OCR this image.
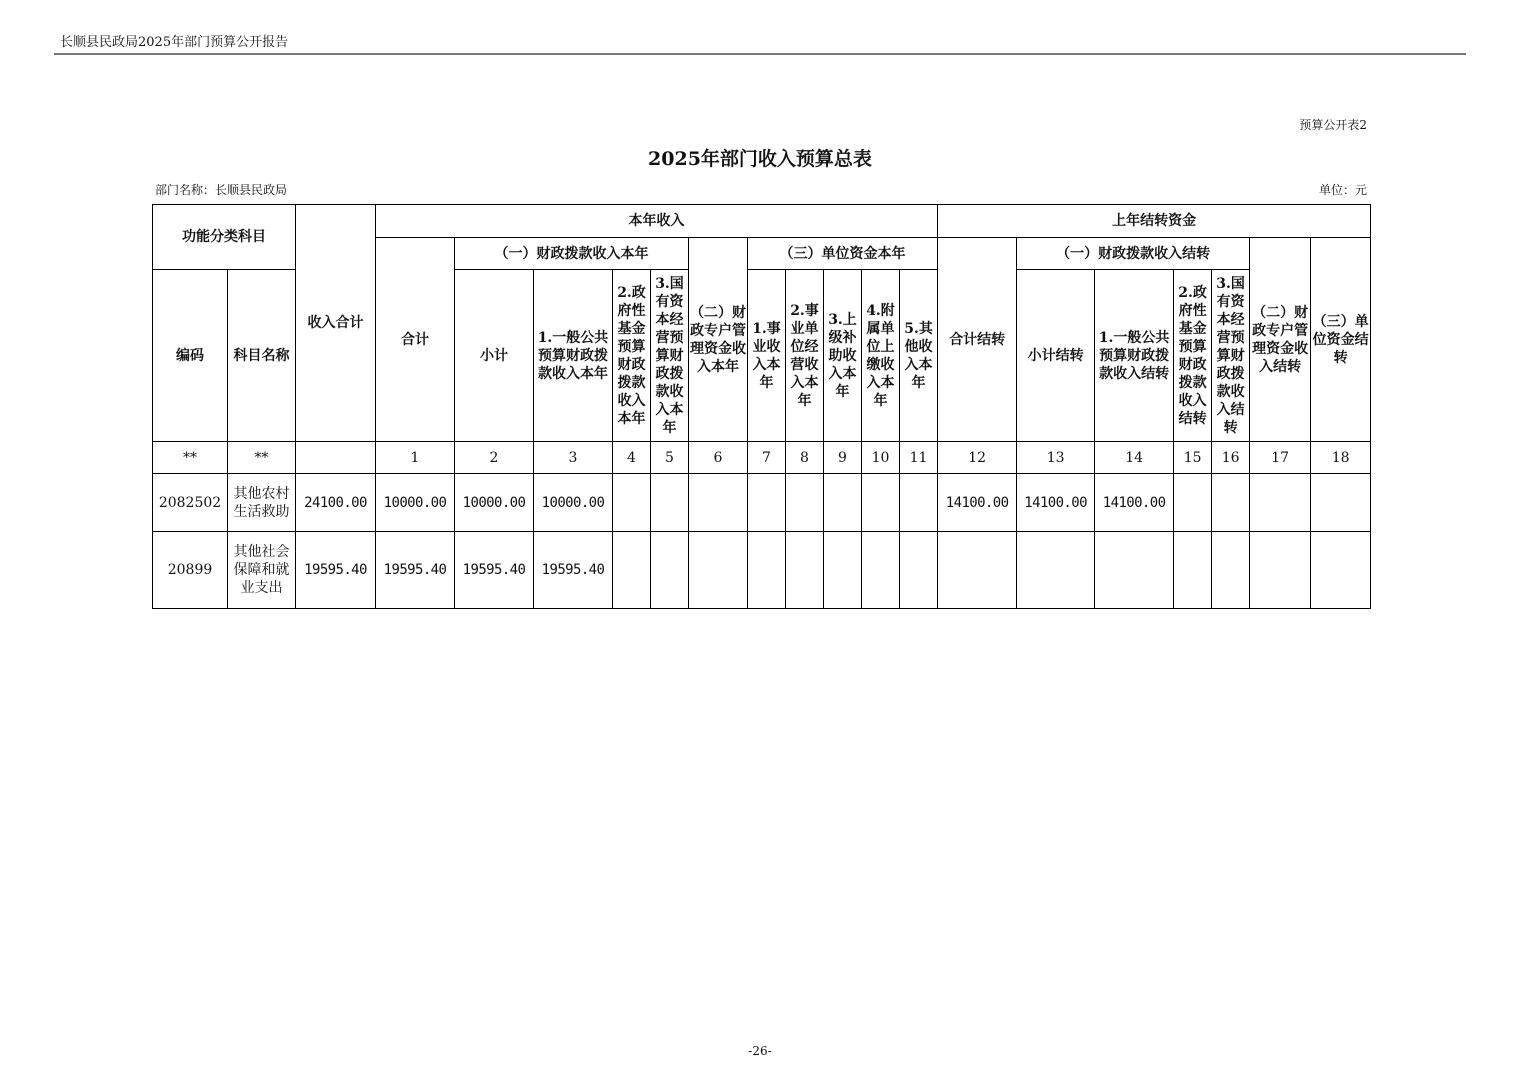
长顺县民政局2025年部门预算公开报告
预算公开表2
2025年部门收入预算总表
部门名称：长顺县民政局	单位：元
功能分类科目		收入合计	本年收入											上年结转资金						
			合计	（一）财政拨款收入本年				（二）财政专户管理资金收入本年	（三）单位资金本年					合计结转	（一）财政拨款收入结转				（二）财政专户管理资金收入结转	（三）单位资金结转
编码	科目名称			小计	1.一般公共预算财政拨款收入本年	2.政府性基金预算财政拨款收入本年	3.国有资本经营预算财政拨款收入本年		1.事业收入本年	2.事业单位经营收入本年	3.上级补助收入本年	4.附属单位上缴收入本年	5.其他收入本年		小计结转	1.一般公共预算财政拨款收入结转	2.政府性基金预算财政拨款收入结转	3.国有资本经营预算财政拨款收入结转		
**	**		1	2	3	4	5	6	7	8	9	10	11	12	13	14	15	16	17	18
2082502	其他农村生活救助	24100.00	10000.00	10000.00	10000.00									14100.00	14100.00	14100.00				
20899	其他社会保障和就业支出	19595.40	19595.40	19595.40	19595.40															
-26-
